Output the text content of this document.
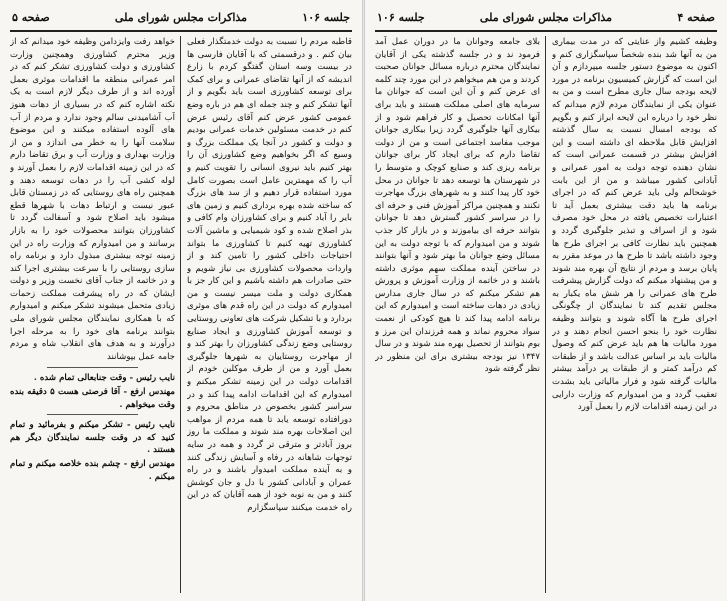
صفحه ۵	مذاکرات مجلس شورای ملی	جلسه ۱۰۶

قاطبه مردم را نسبت به دولت خدمتگذار فعلی بیان کنم . و درقسمتی که با آقایان فارسی ها در بیست وسه استان گفتگو کردم با زارع اندیشه که از آنها تقاضای عمرانی و برای کمک برای توسعه کشاورزی است باید بگویم و از آنها تشکر کنم و چند جمله ای هم در باره وضع عمومی کشور عرض کنم آقای رئیس عرض کنم در خدمت مسئولین خدمات عمرانی بودیم و دولت و کشور در آنجا یک مملکت بزرگ و وسیع که اگر بخواهیم وضع کشاورزی آن را بهتر کنیم باید نیروی انسانی را تقویت کنیم و آب را که مهمترین عامل است بصورت کامل مورد استفاده قرار دهیم و از سد های بزرگ که ساخته شده بهره برداری کنیم و زمین های بایر را آباد کنیم و برای کشاورزان وام کافی و بذر اصلاح شده و کود شیمیایی و ماشین آلات کشاورزی تهیه کنیم تا کشاورزی ما بتواند احتیاجات داخلی کشور را تامین کند و از واردات محصولات کشاورزی بی نیاز شویم و حتی صادرات هم داشته باشیم و این کار جز با همکاری دولت و ملت میسر نیست و من امیدوارم که دولت در این راه قدم های موثری بردارد و با تشکیل شرکت های تعاونی روستایی و توسعه آموزش کشاورزی و ایجاد صنایع روستایی وضع زندگی کشاورزان را بهتر کند و از مهاجرت روستاییان به شهرها جلوگیری بعمل آورد و من از طرف موکلین خودم از اقدامات دولت در این زمینه تشکر میکنم و امیدوارم که این اقدامات ادامه پیدا کند و در سراسر کشور بخصوص در مناطق محروم و دورافتاده توسعه یابد تا همه مردم از مواهب این اصلاحات بهره مند شوند و مملکت ما روز بروز آبادتر و مترقی تر گردد و همه در سایه توجهات شاهانه در رفاه و آسایش زندگی کنند و به آینده مملکت امیدوار باشند و در راه عمران و آبادانی کشور با دل و جان کوشش کنند و من به نوبه خود از همه آقایان که در این راه خدمت میکنند سپاسگزارم

خواهد رفت وایزدامن وظیفه خود میدانم که از وزیر محترم کشاورزی وهمچنین وزارت کشاورزی و دولت کشاورزی تشکر کنم که در امر عمرانی منطقه ما اقدامات موثری بعمل آورده اند و از طرف دیگر لازم است به یک نکته اشاره کنم که در بسیاری از دهات هنوز آب آشامیدنی سالم وجود ندارد و مردم از آب های آلوده استفاده میکنند و این موضوع سلامت آنها را به خطر می اندازد و من از وزارت بهداری و وزارت آب و برق تقاضا دارم که در این زمینه اقدامات لازم را بعمل آورند و لوله کشی آب را در دهات توسعه دهند و همچنین راه های روستایی که در زمستان قابل عبور نیست و ارتباط دهات با شهرها قطع میشود باید اصلاح شود و آسفالت گردد تا کشاورزان بتوانند محصولات خود را به بازار برسانند و من امیدوارم که وزارت راه در این زمینه توجه بیشتری مبذول دارد و برنامه راه سازی روستایی را با سرعت بیشتری اجرا کند و در خاتمه از جناب آقای نخست وزیر و دولت ایشان که در راه پیشرفت مملکت زحمات زیادی متحمل میشوند تشکر میکنم و امیدوارم که با همکاری نمایندگان مجلس شورای ملی بتوانند برنامه های خود را به مرحله اجرا درآورند و به هدف های انقلاب شاه و مردم جامه عمل بپوشانند

نایب رئیس - وقت جنابعالی تمام شده .
مهندس ارفع - آقا فرصتی هست ۵ دقیقه بنده وقت میخواهم .
نایب رئیس - تشکر میکنم و بفرمائید و تمام کنید که در وقت جلسه نمایندگان دیگر هم هستند .
مهندس ارفع - چشم بنده خلاصه میکنم و تمام میکنم .
صفحه ۴
مذاکرات مجلس شورای ملی
جلسه ۱۰۶

وظیفه کشیم واز عنایتی که در مدت بیماری من به آنها شد بنده شخصاً سپاسگزاری کنم و اکنون به موضوع دستور جلسه میپردازم و آن این است که گزارش کمیسیون برنامه در مورد لایحه بودجه سال جاری مطرح است و من به عنوان یکی از نمایندگان مردم لازم میدانم که نظر خود را درباره این لایحه ابراز کنم و بگویم که بودجه امسال نسبت به سال گذشته افزایش قابل ملاحظه ای داشته است و این افزایش بیشتر در قسمت عمرانی است که نشان دهنده توجه دولت به امور عمرانی و آبادانی کشور میباشد و من از این بابت خوشحالم ولی باید عرض کنم که در اجرای برنامه ها باید دقت بیشتری بعمل آید تا اعتبارات تخصیص یافته در محل خود مصرف شود و از اسراف و تبذیر جلوگیری گردد و همچنین باید نظارت کافی بر اجرای طرح ها وجود داشته باشد تا طرح ها در موعد مقرر به پایان برسد و مردم از نتایج آن بهره مند شوند و من پیشنهاد میکنم که دولت گزارش پیشرفت طرح های عمرانی را هر شش ماه یکبار به مجلس تقدیم کند تا نمایندگان از چگونگی اجرای طرح ها آگاه شوند و بتوانند وظیفه نظارت خود را بنحو احسن انجام دهند و در مورد مالیات ها هم باید عرض کنم که وصول مالیات باید بر اساس عدالت باشد و از طبقات کم درآمد کمتر و از طبقات پر درآمد بیشتر مالیات گرفته شود و فرار مالیاتی باید بشدت تعقیب گردد و من امیدوارم که وزارت دارایی در این زمینه اقدامات لازم را بعمل آورد

بلای جامعه وجوانان ما در دوران عمل آمد فرمود ند و در جلسه گذشته یکی از آقایان نمایندگان محترم درباره مسائل جوانان صحبت کردند و من هم میخواهم در این مورد چند کلمه ای عرض کنم و آن این است که جوانان ما سرمایه های اصلی مملکت هستند و باید برای آنها امکانات تحصیل و کار فراهم شود و از بیکاری آنها جلوگیری گردد زیرا بیکاری جوانان موجب مفاسد اجتماعی است و من از دولت تقاضا دارم که برای ایجاد کار برای جوانان برنامه ریزی کند و صنایع کوچک و متوسط را در شهرستان ها توسعه دهد تا جوانان در محل خود کار پیدا کنند و به شهرهای بزرگ مهاجرت نکنند و همچنین مراکز آموزش فنی و حرفه ای را در سراسر کشور گسترش دهد تا جوانان بتوانند حرفه ای بیاموزند و در بازار کار جذب شوند و من امیدوارم که با توجه دولت به این مسائل وضع جوانان ما بهتر شود و آنها بتوانند در ساختن آینده مملکت سهم موثری داشته باشند و در خاتمه از وزارت آموزش و پرورش هم تشکر میکنم که در سال جاری مدارس زیادی در دهات ساخته است و امیدوارم که این برنامه ادامه پیدا کند تا هیچ کودکی از نعمت سواد محروم نماند و همه فرزندان این مرز و بوم بتوانند از تحصیل بهره مند شوند و در سال ۱۳۴۷ نیز بودجه بیشتری برای این منظور در نظر گرفته شود
